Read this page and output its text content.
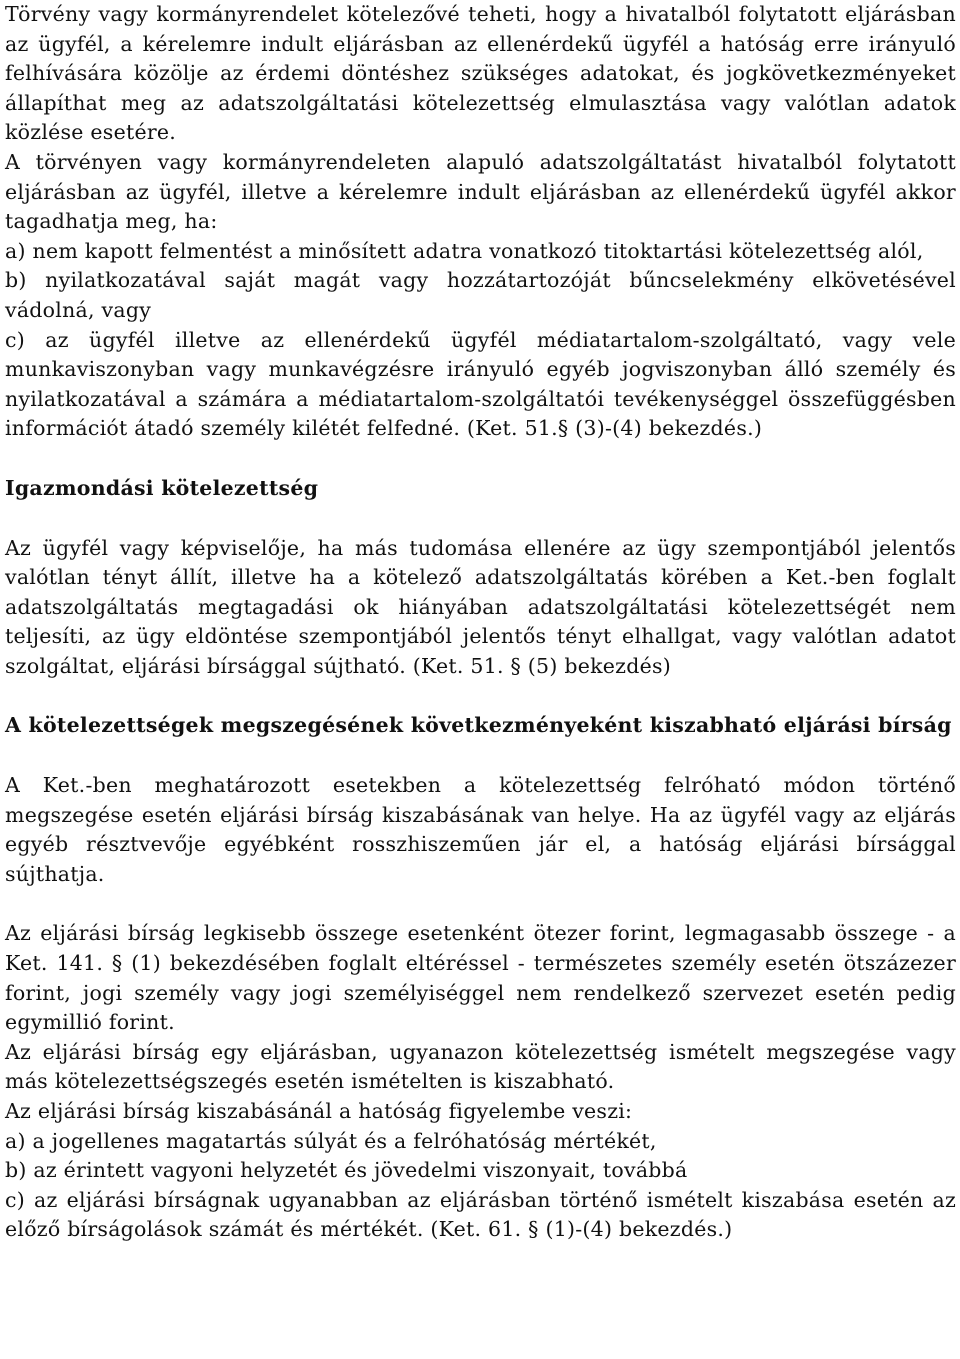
Törvény vagy kormányrendelet kötelezővé teheti, hogy a hivatalból folytatott eljárásban az ügyfél, a kérelemre indult eljárásban az ellenérdekű ügyfél a hatóság erre irányuló felhívására közölje az érdemi döntéshez szükséges adatokat, és jogkövetkezményeket állapíthat meg az adatszolgáltatási kötelezettség elmulasztása vagy valótlan adatok közlése esetére.

A törvényen vagy kormányrendeleten alapuló adatszolgáltatást hivatalból folytatott eljárásban az ügyfél, illetve a kérelemre indult eljárásban az ellenérdekű ügyfél akkor tagadhatja meg, ha:

a) nem kapott felmentést a minősített adatra vonatkozó titoktartási kötelezettség alól,

b) nyilatkozatával saját magát vagy hozzátartozóját bűncselekmény elkövetésével vádolná, vagy

c) az ügyfél illetve az ellenérdekű ügyfél médiatartalom-szolgáltató, vagy vele munkaviszonyban vagy munkavégzésre irányuló egyéb jogviszonyban álló személy és nyilatkozatával a számára a médiatartalom-szolgáltatói tevékenységgel összefüggésben információt átadó személy kilétét felfedné. (Ket. 51.§ (3)-(4) bekezdés.)

Igazmondási kötelezettség

Az ügyfél vagy képviselője, ha más tudomása ellenére az ügy szempontjából jelentős valótlan tényt állít, illetve ha a kötelező adatszolgáltatás körében a Ket.-ben foglalt adatszolgáltatás megtagadási ok hiányában adatszolgáltatási kötelezettségét nem teljesíti, az ügy eldöntése szempontjából jelentős tényt elhallgat, vagy valótlan adatot szolgáltat, eljárási bírsággal sújtható. (Ket. 51. § (5) bekezdés)

A kötelezettségek megszegésének következményeként kiszabható eljárási bírság

A Ket.-ben meghatározott esetekben a kötelezettség felróható módon történő megszegése esetén eljárási bírság kiszabásának van helye. Ha az ügyfél vagy az eljárás egyéb résztvevője egyébként rosszhiszeműen jár el, a hatóság eljárási bírsággal sújthatja.

Az eljárási bírság legkisebb összege esetenként ötezer forint, legmagasabb összege - a Ket. 141. § (1) bekezdésében foglalt eltéréssel - természetes személy esetén ötszázezer forint, jogi személy vagy jogi személyiséggel nem rendelkező szervezet esetén pedig egymillió forint.

Az eljárási bírság egy eljárásban, ugyanazon kötelezettség ismételt megszegése vagy más kötelezettségszegés esetén ismételten is kiszabható.

Az eljárási bírság kiszabásánál a hatóság figyelembe veszi:

a) a jogellenes magatartás súlyát és a felróhatóság mértékét,

b) az érintett vagyoni helyzetét és jövedelmi viszonyait, továbbá

c) az eljárási bírságnak ugyanabban az eljárásban történő ismételt kiszabása esetén az előző bírságolások számát és mértékét. (Ket. 61. § (1)-(4) bekezdés.)
